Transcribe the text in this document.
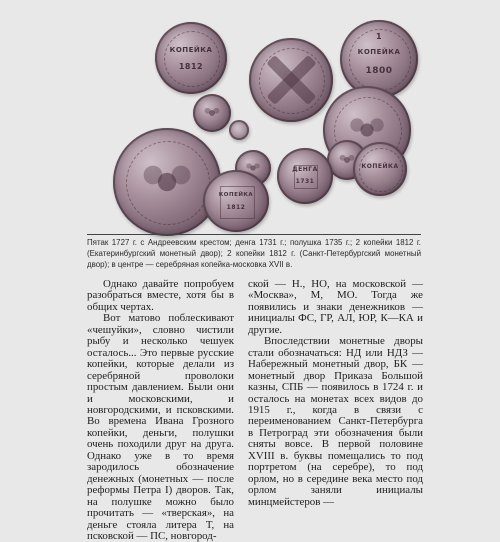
КОПЕЙКА
1812
1
КОПЕЙКА
1800
ДЕНГА
1731
КОПЕЙКА
КОПЕЙКА
1812

Пятак 1727 г. с Андреевским крестом; денга 1731 г.; полушка 1735 г.; 2 копейки 1812 г. (Екатеринбургский монетный двор); 2 копейки 1812 г. (Санкт-Петербургский монетный двор); в центре — серебряная копейка-московка XVII в.

Однако давайте попробуем разобраться вместе, хотя бы в общих чертах.

Вот матово поблескивают «чешуйки», словно чистили рыбу и несколько чешуек осталось... Это первые русские копейки, которые делали из серебряной проволоки простым давлением. Были они и московскими, и новгородскими, и псковскими. Во времена Ивана Грозного копейки, деньги, полушки очень походили друг на друга. Однако уже в то время зародилось обозначение денежных (монетных — после реформы Петра I) дворов. Так, на полушке можно было прочитать — «тверская», на деньге стояла литера Т, на псковской — ПС, новгород-

ской — Н., НО, на московской — «Москва», М, МО. Тогда же появились и знаки денежников — инициалы ФС, ГР, АЛ, ЮР, К—КА и другие.

Впоследствии монетные дворы стали обозначаться: НД или НДЗ — Набережный монетный двор, БК — монетный двор Приказа Большой казны, СПБ — появилось в 1724 г. и осталось на монетах всех видов до 1915 г., когда в связи с переименованием Санкт-Петербурга в Петроград эти обозначения были сняты вовсе. В первой половине XVIII в. буквы помещались то под портретом (на серебре), то под орлом, но в середине века место под орлом заняли инициалы минцмейстеров —
